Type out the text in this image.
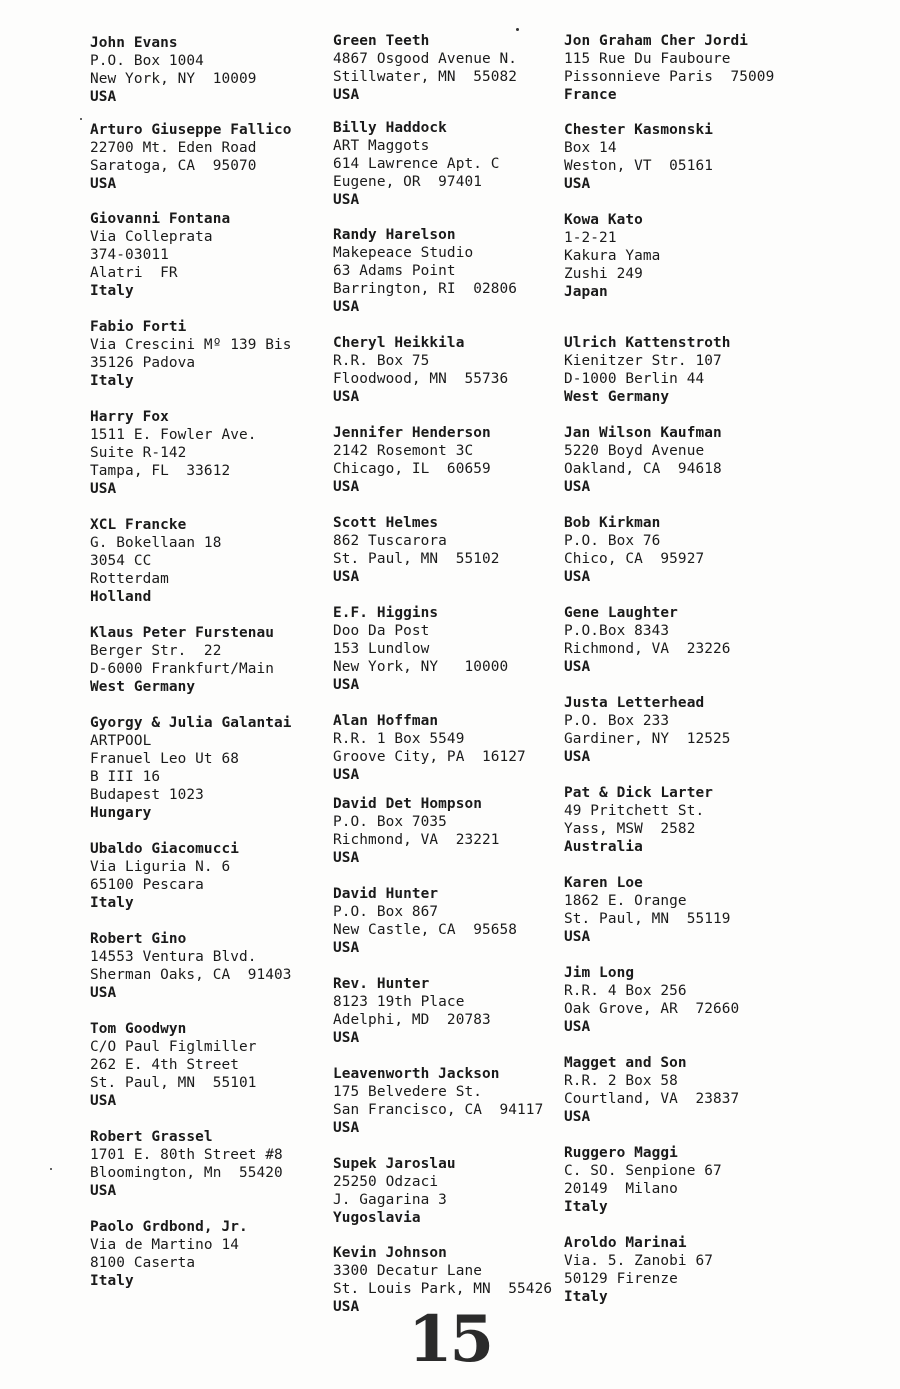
John Evans
P.O. Box 1004
New York, NY  10009
USA
Arturo Giuseppe Fallico
22700 Mt. Eden Road
Saratoga, CA  95070
USA
Giovanni Fontana
Via Colleprata
374-03011
Alatri  FR
Italy
Fabio Forti
Via Crescini Mº 139 Bis
35126 Padova
Italy
Harry Fox
1511 E. Fowler Ave.
Suite R-142
Tampa, FL  33612
USA
XCL Francke
G. Bokellaan 18
3054 CC
Rotterdam
Holland
Klaus Peter Furstenau
Berger Str.  22
D-6000 Frankfurt/Main
West Germany
Gyorgy & Julia Galantai
ARTPOOL
Franuel Leo Ut 68
B III 16
Budapest 1023
Hungary
Ubaldo Giacomucci
Via Liguria N. 6
65100 Pescara
Italy
Robert Gino
14553 Ventura Blvd.
Sherman Oaks, CA  91403
USA
Tom Goodwyn
C/O Paul Figlmiller
262 E. 4th Street
St. Paul, MN  55101
USA
Robert Grassel
1701 E. 80th Street #8
Bloomington, Mn  55420
USA
Paolo Grdbond, Jr.
Via de Martino 14
8100 Caserta
Italy
Green Teeth
4867 Osgood Avenue N.
Stillwater, MN  55082
USA
Billy Haddock
ART Maggots
614 Lawrence Apt. C
Eugene, OR  97401
USA
Randy Harelson
Makepeace Studio
63 Adams Point
Barrington, RI  02806
USA
Cheryl Heikkila
R.R. Box 75
Floodwood, MN  55736
USA
Jennifer Henderson
2142 Rosemont 3C
Chicago, IL  60659
USA
Scott Helmes
862 Tuscarora
St. Paul, MN  55102
USA
E.F. Higgins
Doo Da Post
153 Lundlow
New York, NY   10000
USA
Alan Hoffman
R.R. 1 Box 5549
Groove City, PA  16127
USA
David Det Hompson
P.O. Box 7035
Richmond, VA  23221
USA
David Hunter
P.O. Box 867
New Castle, CA  95658
USA
Rev. Hunter
8123 19th Place
Adelphi, MD  20783
USA
Leavenworth Jackson
175 Belvedere St.
San Francisco, CA  94117
USA
Supek Jaroslau
25250 Odzaci
J. Gagarina 3
Yugoslavia
Kevin Johnson
3300 Decatur Lane
St. Louis Park, MN  55426
USA
Jon Graham Cher Jordi
115 Rue Du Fauboure
Pissonnieve Paris  75009
France
Chester Kasmonski
Box 14
Weston, VT  05161
USA
Kowa Kato
1-2-21
Kakura Yama
Zushi 249
Japan
Ulrich Kattenstroth
Kienitzer Str. 107
D-1000 Berlin 44
West Germany
Jan Wilson Kaufman
5220 Boyd Avenue
Oakland, CA  94618
USA
Bob Kirkman
P.O. Box 76
Chico, CA  95927
USA
Gene Laughter
P.O.Box 8343
Richmond, VA  23226
USA
Justa Letterhead
P.O. Box 233
Gardiner, NY  12525
USA
Pat & Dick Larter
49 Pritchett St.
Yass, MSW  2582
Australia
Karen Loe
1862 E. Orange
St. Paul, MN  55119
USA
Jim Long
R.R. 4 Box 256
Oak Grove, AR  72660
USA
Magget and Son
R.R. 2 Box 58
Courtland, VA  23837
USA
Ruggero Maggi
C. SO. Senpione 67
20149  Milano
Italy
Aroldo Marinai
Via. 5. Zanobi 67
50129 Firenze
Italy
15
